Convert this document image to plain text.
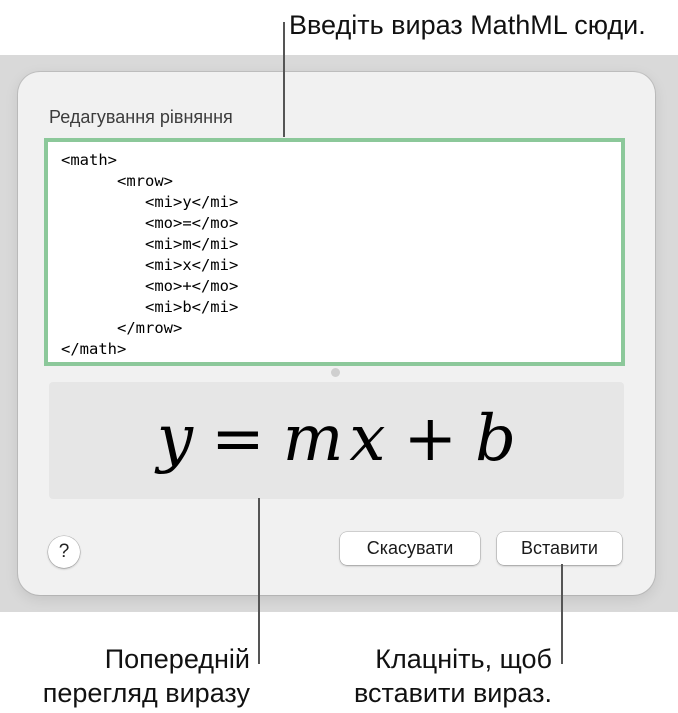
Редагування рівняння
<math>
<mrow>
<mi>y</mi>
<mo>=</mo>
<mi>m</mi>
<mi>x</mi>
<mo>+</mo>
<mi>b</mi>
</mrow>
</math>
y = mx + b
?	Скасувати	Вставити
Введіть вираз MathML сюди.
Попередній
перегляд виразу
Клацніть, щоб
вставити вираз.
